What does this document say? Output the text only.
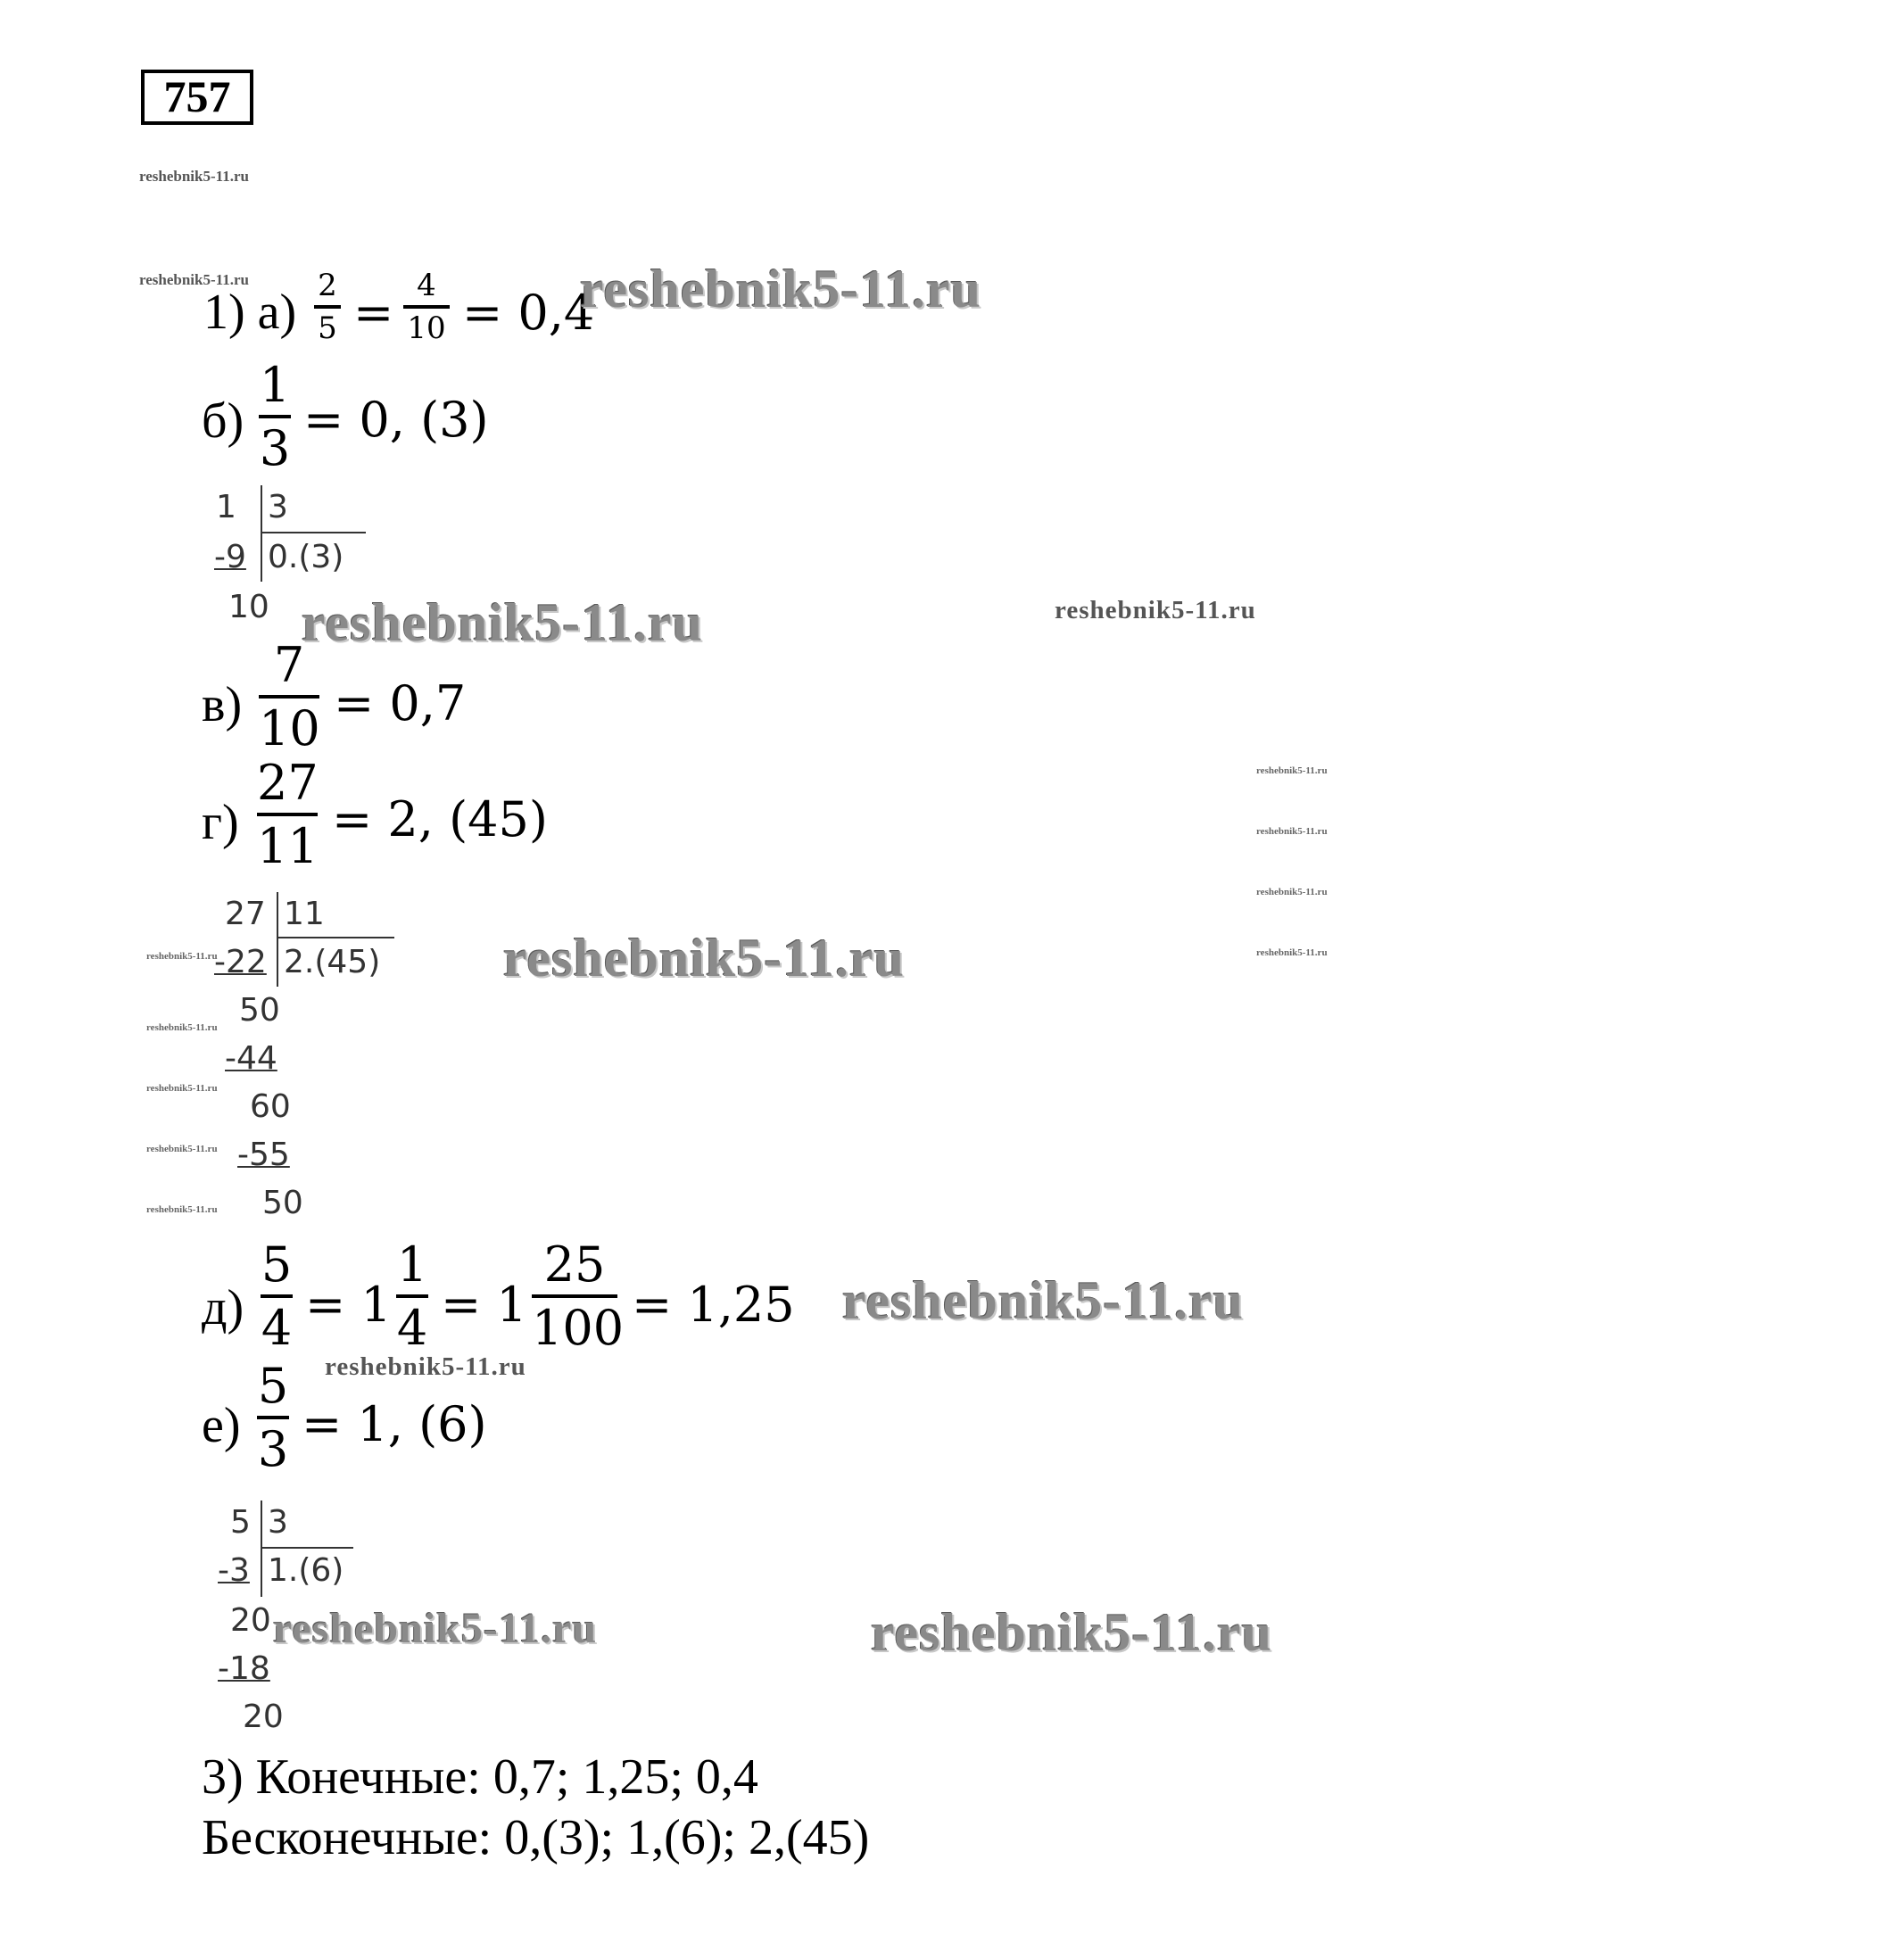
757
reshebnik5-11.ru
reshebnik5-11.ru
1) а) 2
5 = 4
10 = 0,4
reshebnik5-11.ru
б)
1
3
= 0, (3)
1 3
-9 0.(3)
10 reshebnik5-11.ru	reshebnik5-11.ru
в)
7
10 = 0,7
г)
27
11 = 2, (45)
reshebnik5-11.ru
reshebnik5-11.ru
reshebnik5-11.ru
reshebnik5-11.ru
27 11
-22 2.(45)
50
-44
60
-55
50
reshebnik5-11.ru
reshebnik5-11.ru
reshebnik5-11.ru
reshebnik5-11.ru
reshebnik5-11.ru
reshebnik5-11.ru
д)
5
4 = 1
1
4 = 1
25
100 = 1,25 reshebnik5-11.ru
reshebnik5-11.ru
е)
5
3 = 1, (6)
5 3
-3 1.(6)
20
-18
20
reshebnik5-11.ru	reshebnik5-11.ru
3) Конечные: 0,7; 1,25; 0,4
Бесконечные: 0,(3); 1,(6); 2,(45)
